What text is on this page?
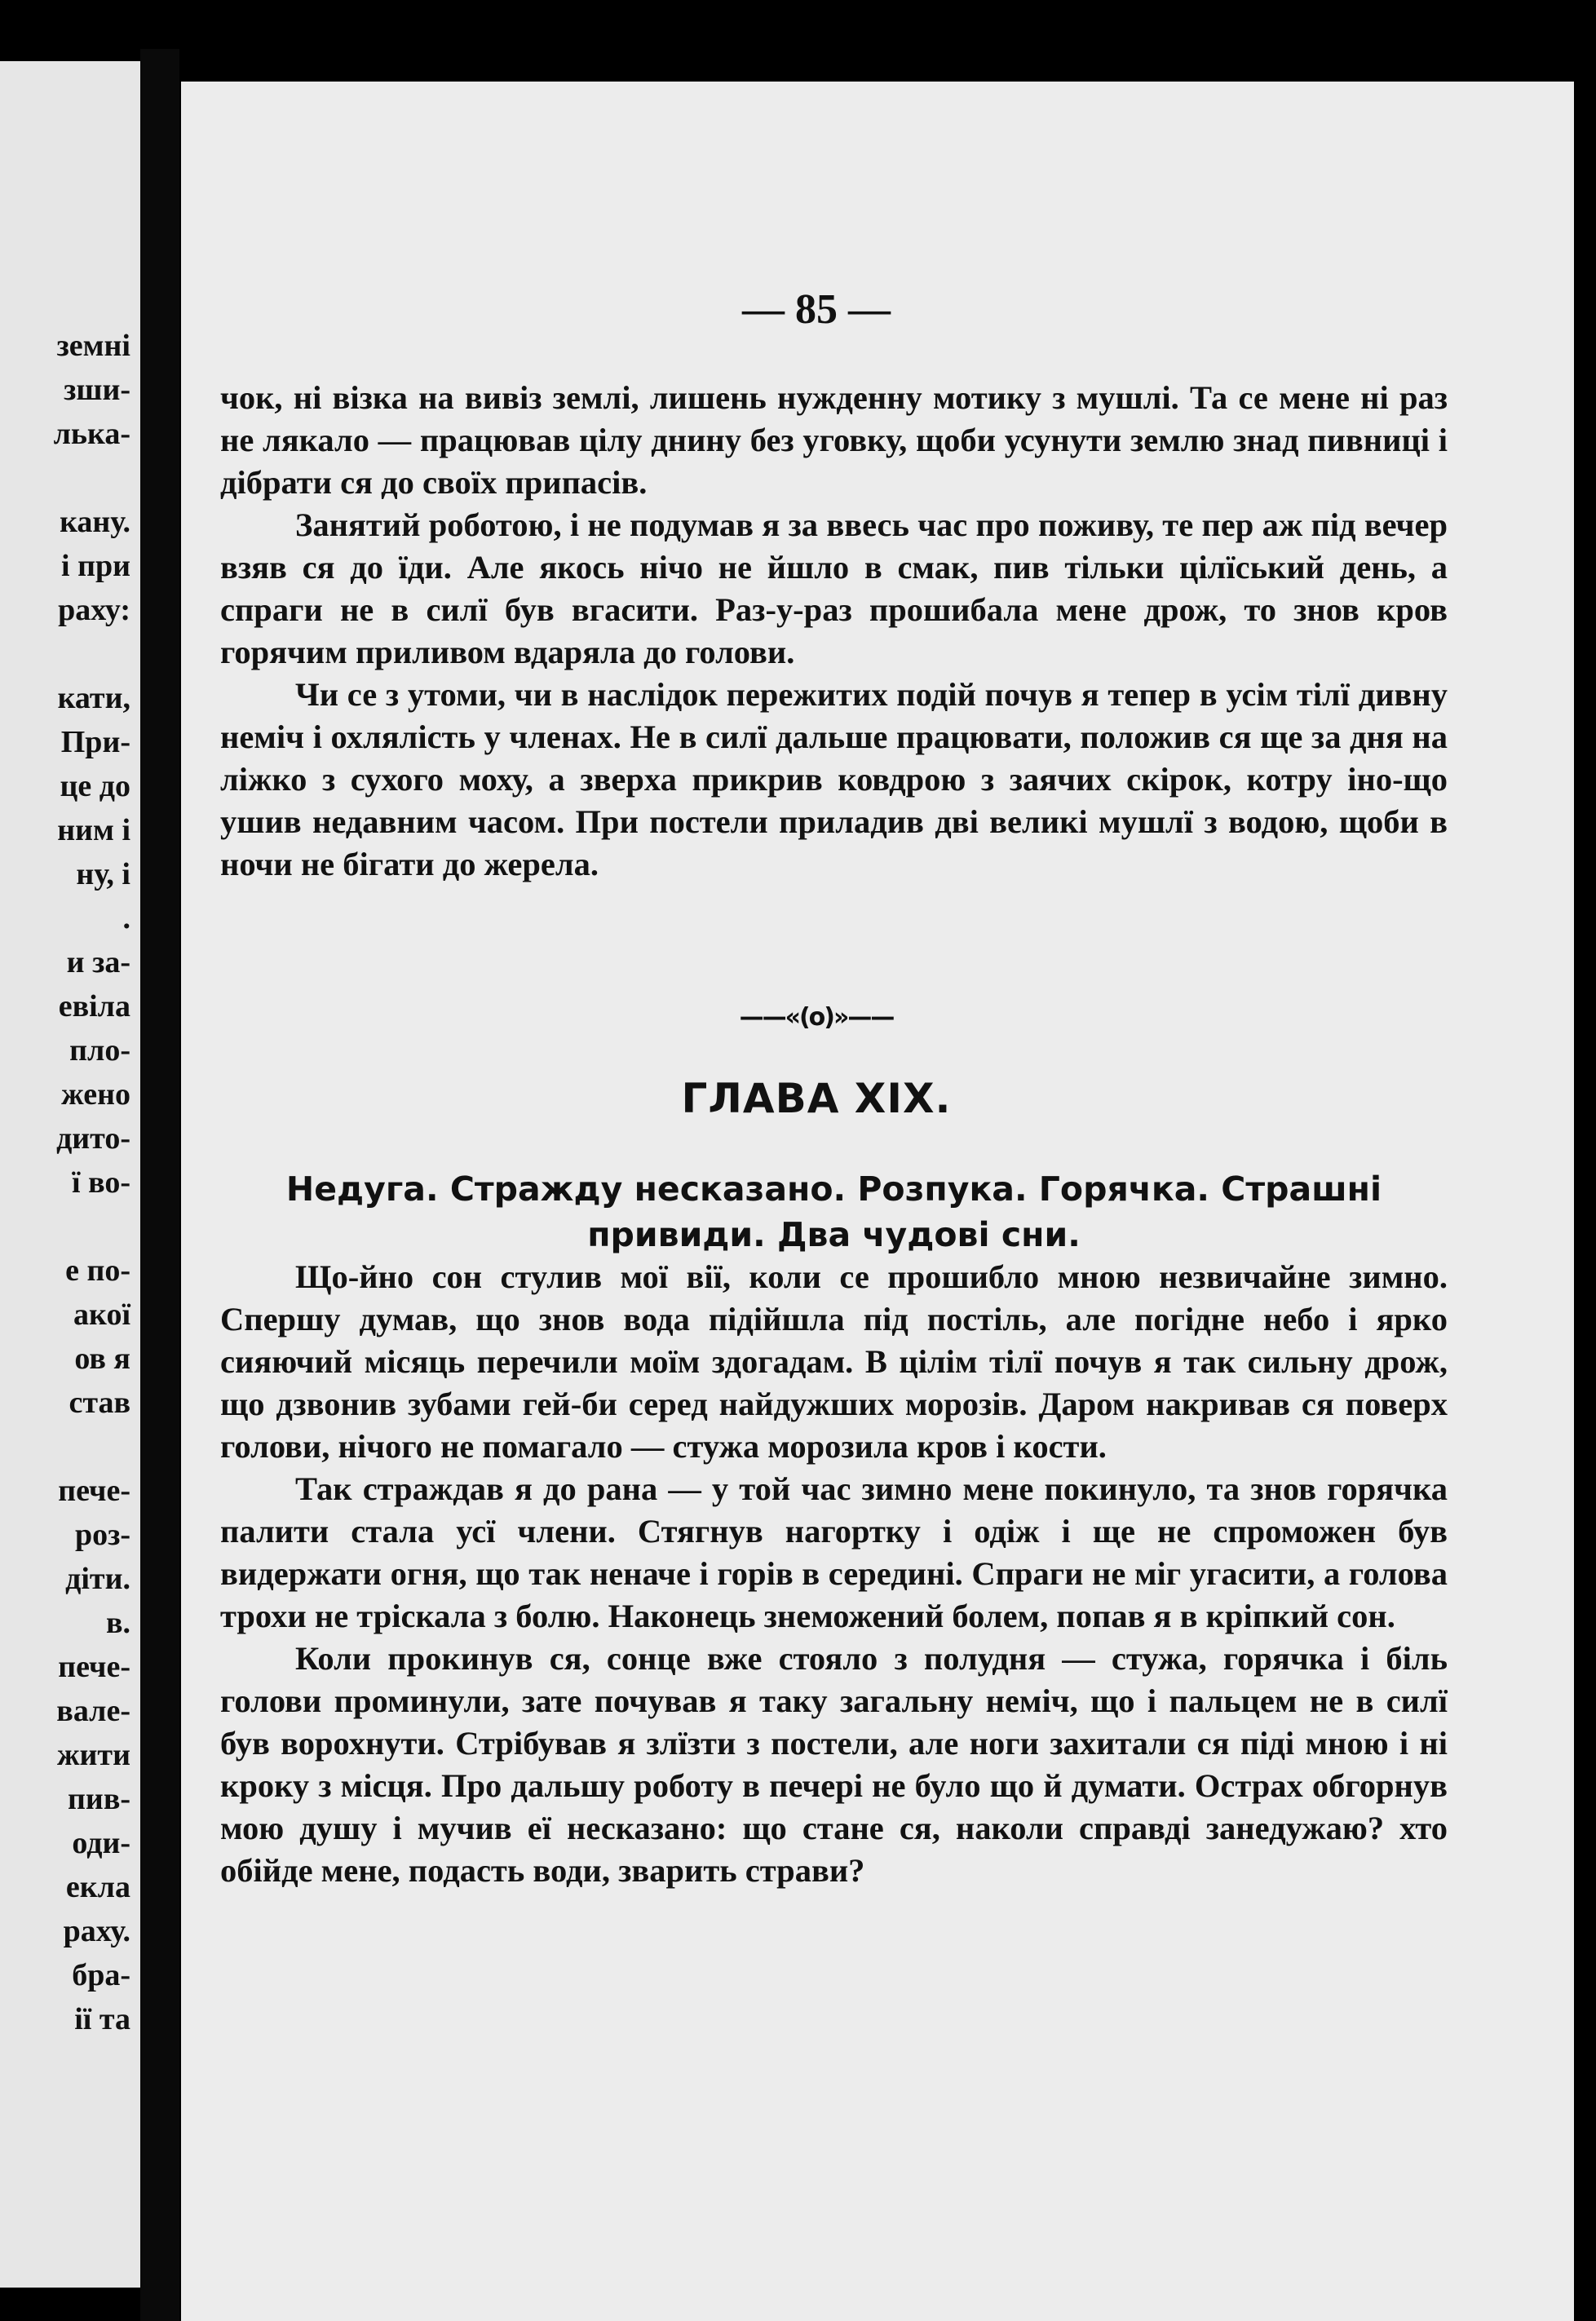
земні
зши-
лька-
кану.
і при
раху:
кати,
При-
це до
ним і
ну, і
.
и за-
евіла
пло-
жено
дито-
ї во-
е по-
акої
ов я
став
пече-
роз-
діти.
в.
пече-
вале-
жити
пив-
оди-
екла
раху.
бра-
ії та
— 85 —

чок, ні візка на вивіз землі, лишень нужденну мотику з мушлі. Та се мене ні раз не лякало — працював цілу днину без уговку, щоби усунути землю знад пивниці і дібрати ся до своїх припасів.

Занятий роботою, і не подумав я за ввесь час про поживу, те пер аж під вечер взяв ся до їди. Але якось нічо не йшло в смак, пив тільки цілїський день, а спраги не в силї був вгасити. Раз-у-раз прошибала мене дрож, то знов кров горячим приливом вдаряла до голови.

Чи се з утоми, чи в наслідок пережитих подій почув я тепер в усім тілї дивну неміч і охлялість у членах. Не в силї дальше працювати, положив ся ще за дня на ліжко з сухого моху, а зверха прикрив ковдрою з заячих скірок, котру іно-що ушив недавним часом. При постели приладив дві великі мушлї з водою, щоби в ночи не бігати до жерела.

——«(o)»——
ГЛАВА XIX.
Недуга. Стражду несказано. Розпука. Горячка. Страшні привиди. Два чудові сни.

Що-йно сон стулив мої вії, коли се прошибло мною незвичайне зимно. Спершу думав, що знов вода підійшла під постіль, але погідне небо і ярко сияючий місяць перечили моїм здогадам. В цілім тілї почув я так сильну дрож, що дзвонив зубами гей-би серед найдужших морозів. Даром накривав ся поверх голови, нічого не помагало — стужа морозила кров і кости.

Так страждав я до рана — у той час зимно мене покинуло, та знов горячка палити стала усї члени. Стягнув нагортку і одіж і ще не спроможен був видержати огня, що так неначе і горів в середині. Спраги не міг угасити, а голова трохи не тріскала з болю. Наконець знеможений болем, попав я в кріпкий сон.

Коли прокинув ся, сонце вже стояло з полудня — стужа, горячка і біль голови проминули, зате почував я таку загальну неміч, що і пальцем не в силї був ворохнути. Стрібував я злїзти з постели, але ноги захитали ся піді мною і ні кроку з місця. Про дальшу роботу в печері не було що й думати. Острах обгорнув мою душу і мучив еї несказано: що стане ся, наколи справді занедужаю? хто обійде мене, подасть води, зварить страви?
